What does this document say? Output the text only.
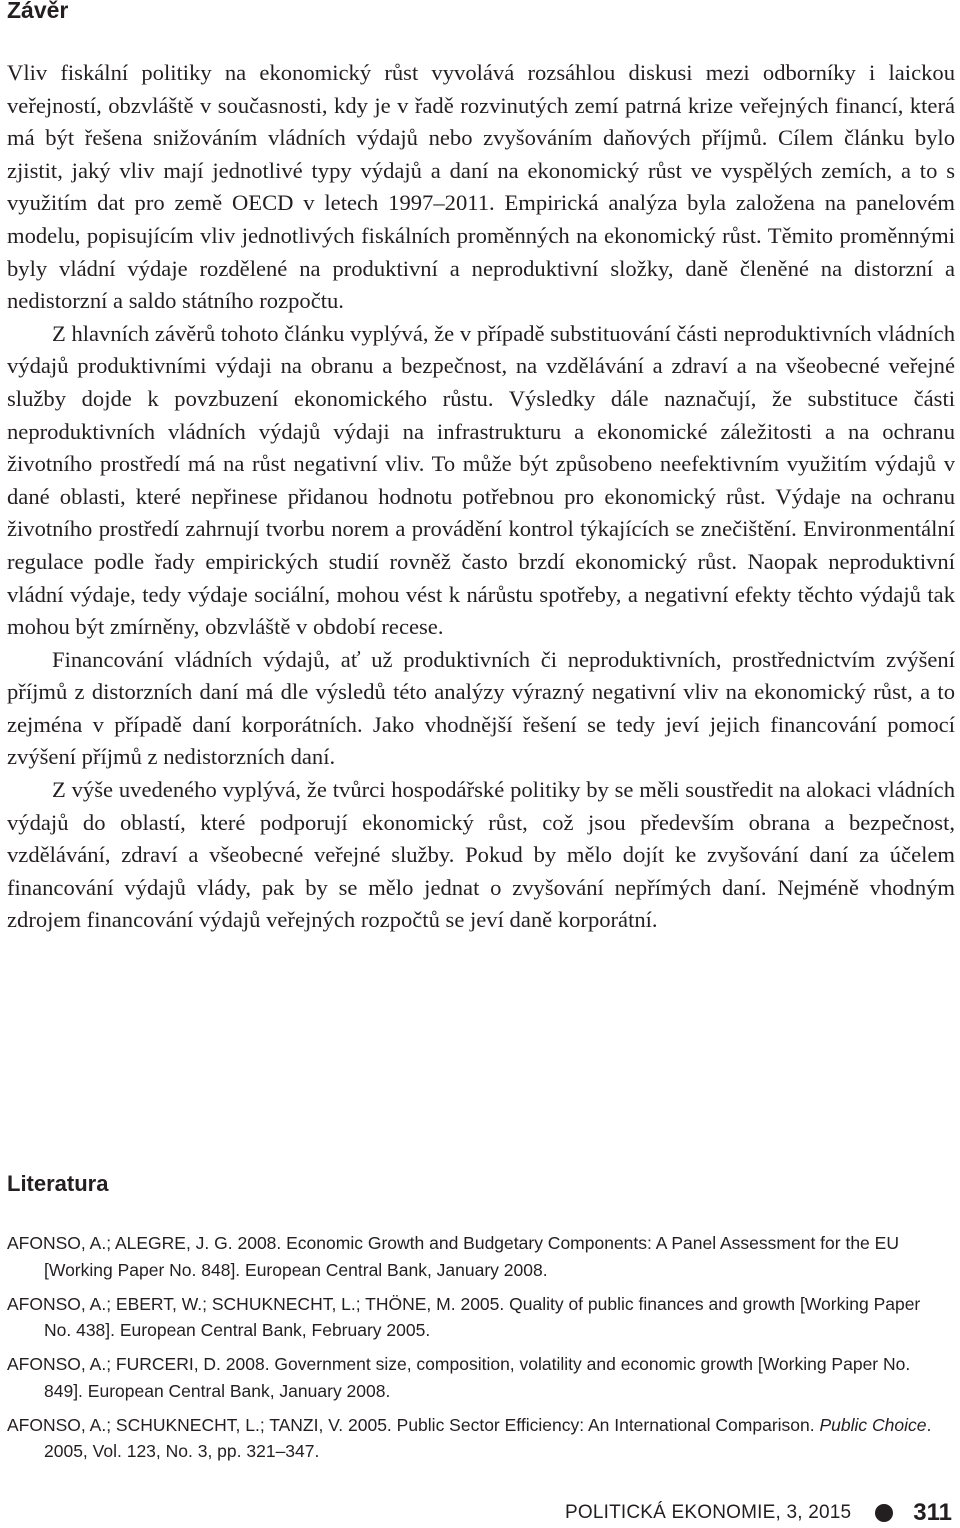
Závěr

Vliv fiskální politiky na ekonomický růst vyvolává rozsáhlou diskusi mezi odborníky i laickou veřejností, obzvláště v současnosti, kdy je v řadě rozvinutých zemí patrná krize veřejných financí, která má být řešena snižováním vládních výdajů nebo zvyšováním daňových příjmů. Cílem článku bylo zjistit, jaký vliv mají jednotlivé typy výdajů a daní na ekonomický růst ve vyspělých zemích, a to s využitím dat pro země OECD v letech 1997–2011. Empirická analýza byla založena na panelovém modelu, popisujícím vliv jednotlivých fiskálních proměnných na ekonomický růst. Těmito proměnnými byly vládní výdaje rozdělené na produktivní a neproduktivní složky, daně členěné na distorzní a nedistorzní a saldo státního rozpočtu.

Z hlavních závěrů tohoto článku vyplývá, že v případě substituování části neproduktivních vládních výdajů produktivními výdaji na obranu a bezpečnost, na vzdělávání a zdraví a na všeobecné veřejné služby dojde k povzbuzení ekonomického růstu. Výsledky dále naznačují, že substituce části neproduktivních vládních výdajů výdaji na infrastrukturu a ekonomické záležitosti a na ochranu životního prostředí má na růst negativní vliv. To může být způsobeno neefektivním využitím výdajů v dané oblasti, které nepřinese přidanou hodnotu potřebnou pro ekonomický růst. Výdaje na ochranu životního prostředí zahrnují tvorbu norem a provádění kontrol týkajících se znečištění. Environmentální regulace podle řady empirických studií rovněž často brzdí ekonomický růst. Naopak neproduktivní vládní výdaje, tedy výdaje sociální, mohou vést k nárůstu spotřeby, a negativní efekty těchto výdajů tak mohou být zmírněny, obzvláště v období recese.

Financování vládních výdajů, ať už produktivních či neproduktivních, prostřednictvím zvýšení příjmů z distorzních daní má dle výsledů této analýzy výrazný negativní vliv na ekonomický růst, a to zejména v případě daní korporátních. Jako vhodnější řešení se tedy jeví jejich financování pomocí zvýšení příjmů z nedistorzních daní.

Z výše uvedeného vyplývá, že tvůrci hospodářské politiky by se měli soustředit na alokaci vládních výdajů do oblastí, které podporují ekonomický růst, což jsou především obrana a bezpečnost, vzdělávání, zdraví a všeobecné veřejné služby. Pokud by mělo dojít ke zvyšování daní za účelem financování výdajů vlády, pak by se mělo jednat o zvyšování nepřímých daní. Nejméně vhodným zdrojem financování výdajů veřejných rozpočtů se jeví daně korporátní.

Literatura
AFONSO, A.; ALEGRE, J. G. 2008. Economic Growth and Budgetary Components: A Panel Assessment for the EU [Working Paper No. 848]. European Central Bank, January 2008.
AFONSO, A.; EBERT, W.; SCHUKNECHT, L.; THÖNE, M. 2005. Quality of public finances and growth [Working Paper No. 438]. European Central Bank, February 2005.
AFONSO, A.; FURCERI, D. 2008. Government size, composition, volatility and economic growth [Working Paper No. 849]. European Central Bank, January 2008.
AFONSO, A.; SCHUKNECHT, L.; TANZI, V. 2005. Public Sector Efficiency: An International Comparison. Public Choice. 2005, Vol. 123, No. 3, pp. 321–347.
POLITICKÁ EKONOMIE, 3, 2015	311
